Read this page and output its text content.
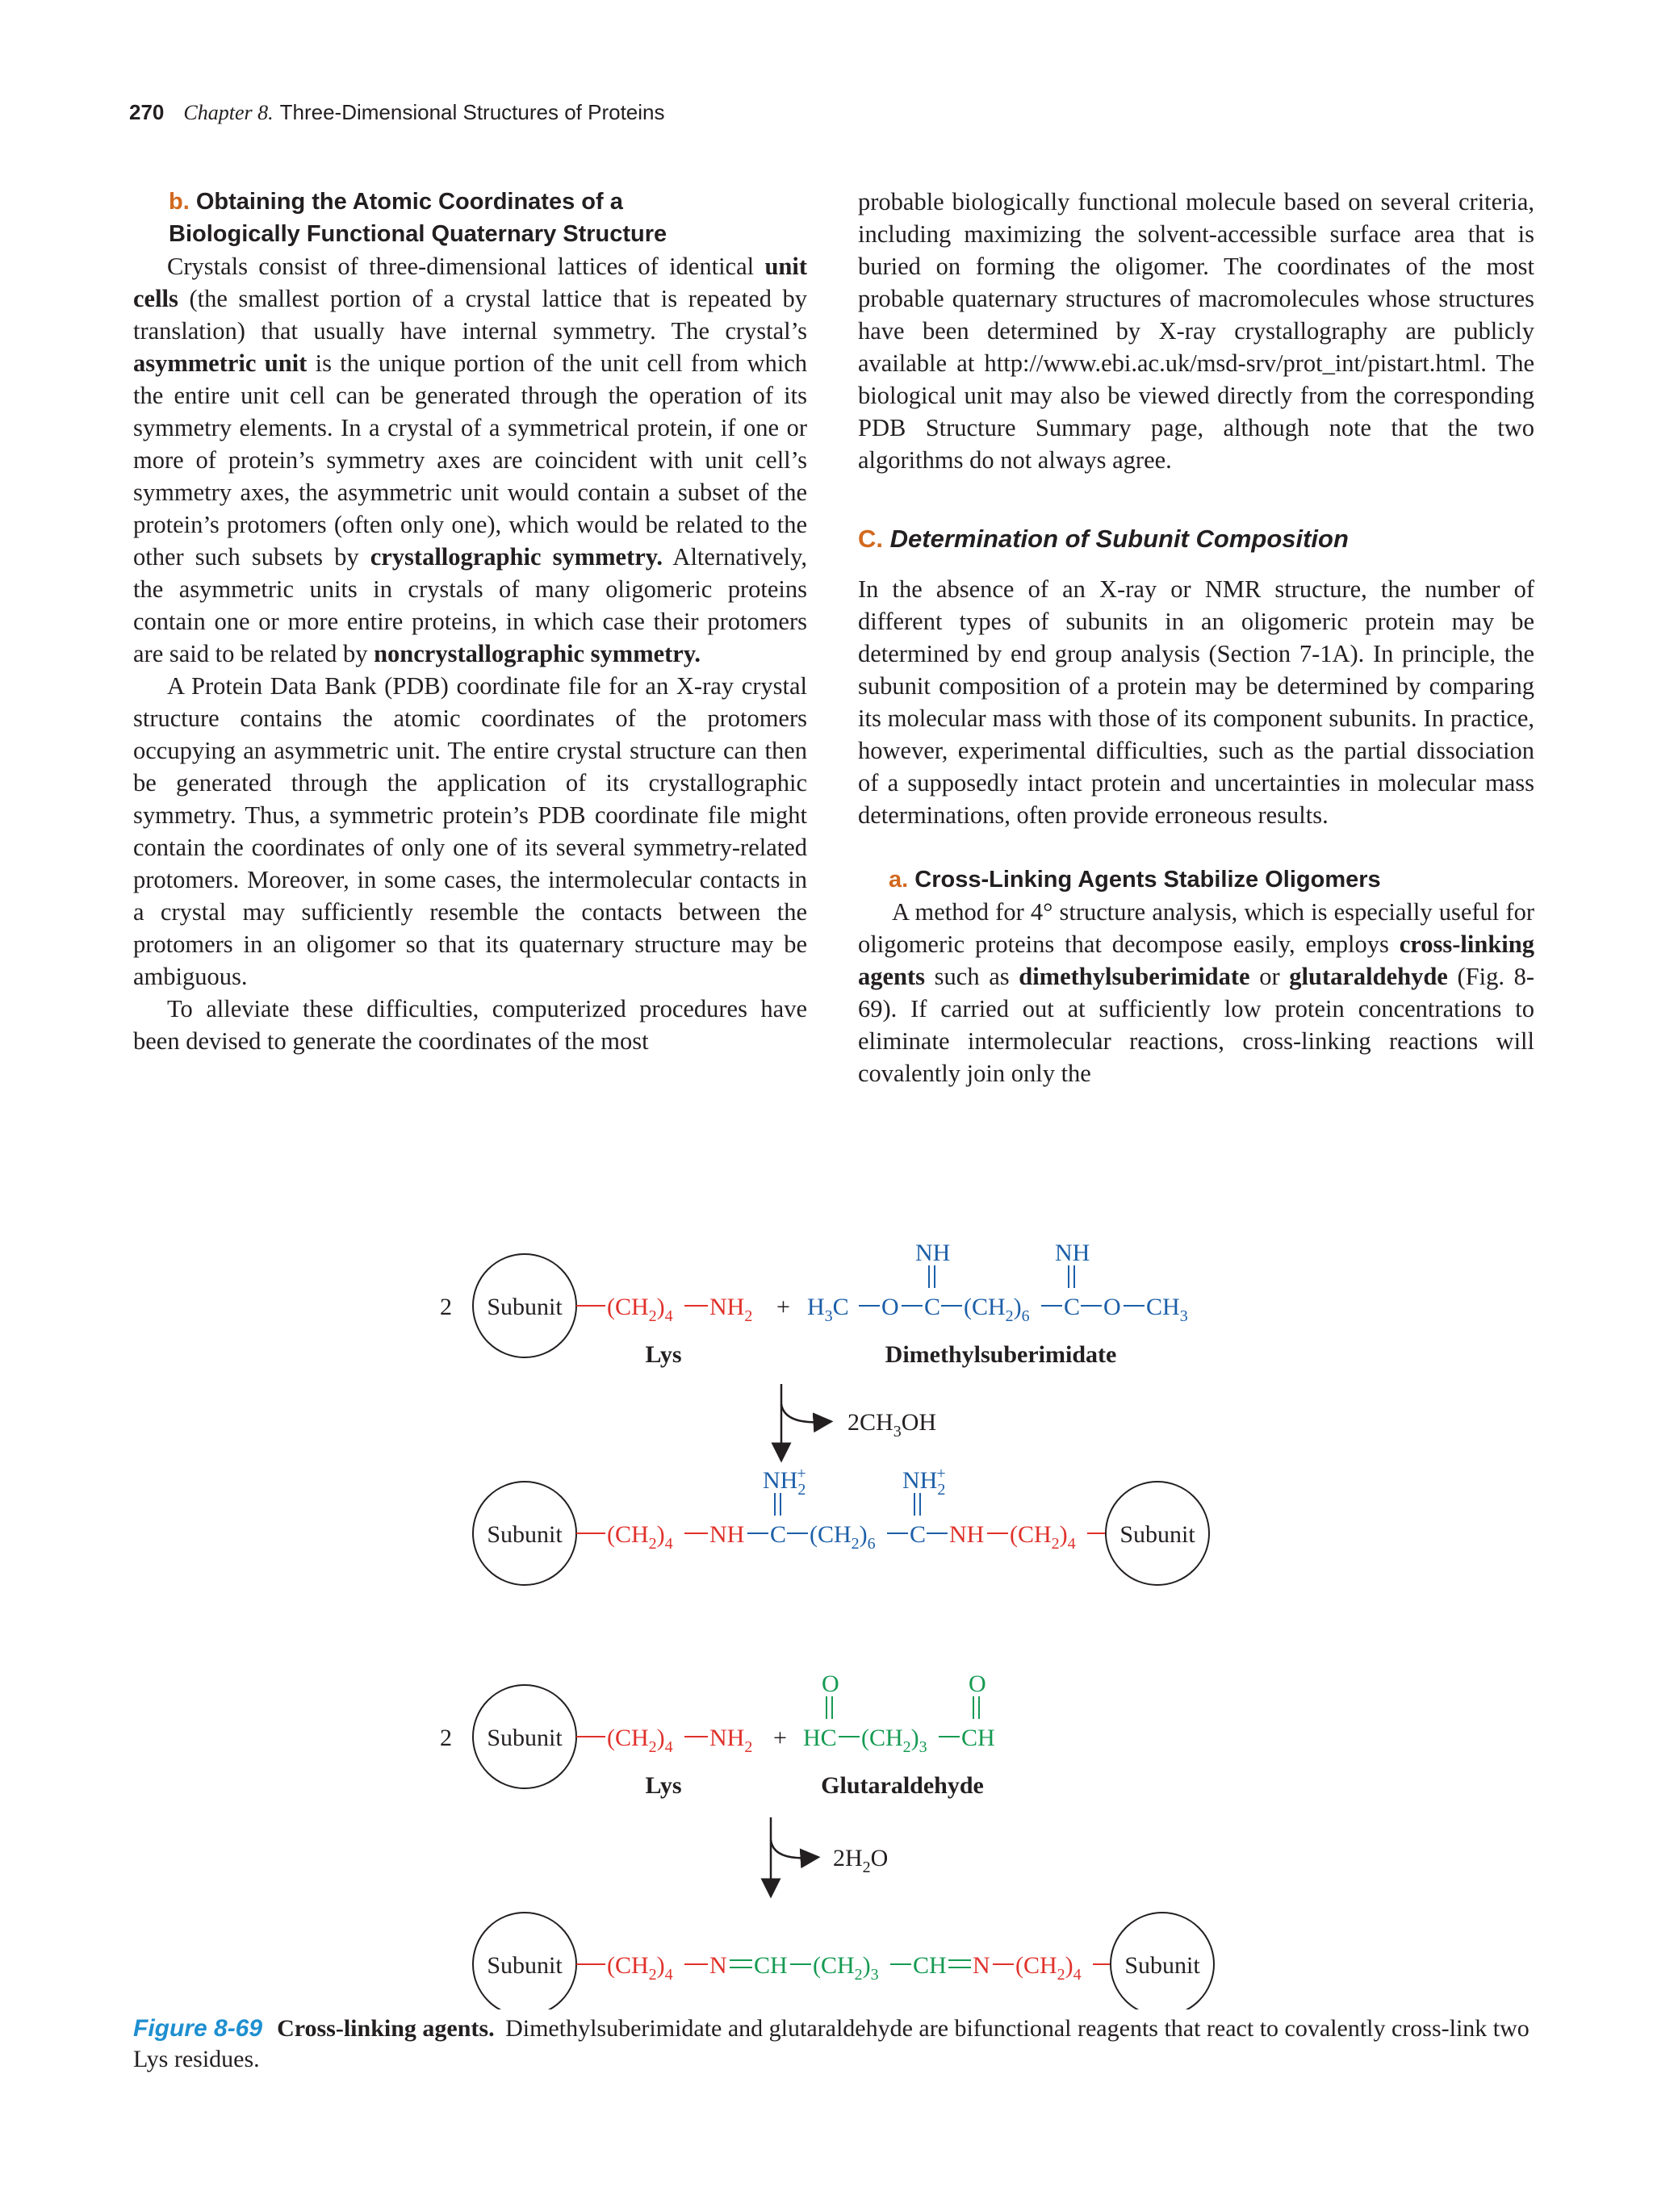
270 Chapter 8. Three-Dimensional Structures of Proteins
b. Obtaining the Atomic Coordinates of a
Biologically Functional Quaternary Structure

Crystals consist of three-dimensional lattices of identical unit cells (the smallest portion of a crystal lattice that is repeated by translation) that usually have internal symmetry. The crystal’s asymmetric unit is the unique portion of the unit cell from which the entire unit cell can be generated through the operation of its symmetry elements. In a crystal of a symmetrical protein, if one or more of protein’s symmetry axes are coincident with unit cell’s symmetry axes, the asymmetric unit would contain a subset of the protein’s protomers (often only one), which would be related to the other such subsets by crystallographic symmetry. Alternatively, the asymmetric units in crystals of many oligomeric proteins contain one or more entire proteins, in which case their protomers are said to be related by noncrystallographic symmetry.

A Protein Data Bank (PDB) coordinate file for an X-ray crystal structure contains the atomic coordinates of the protomers occupying an asymmetric unit. The entire crystal structure can then be generated through the application of its crystallographic symmetry. Thus, a symmetric protein’s PDB coordinate file might contain the coordinates of only one of its several symmetry-related protomers. Moreover, in some cases, the intermolecular contacts in a crystal may sufficiently resemble the contacts between the protomers in an oligomer so that its quaternary structure may be ambiguous.

To alleviate these difficulties, computerized procedures have been devised to generate the coordinates of the most

probable biologically functional molecule based on several criteria, including maximizing the solvent-accessible surface area that is buried on forming the oligomer. The coordinates of the most probable quaternary structures of macromolecules whose structures have been determined by X-ray crystallography are publicly available at http://www.ebi.ac.uk/msd-srv/prot_int/pistart.html. The biological unit may also be viewed directly from the corresponding PDB Structure Summary page, although note that the two algorithms do not always agree.

C. Determination of Subunit Composition

In the absence of an X-ray or NMR structure, the number of different types of subunits in an oligomeric protein may be determined by end group analysis (Section 7-1A). In principle, the subunit composition of a protein may be determined by comparing its molecular mass with those of its component subunits. In practice, however, experimental difficulties, such as the partial dissociation of a supposedly intact protein and uncertainties in molecular mass determinations, often provide erroneous results.

a. Cross-Linking Agents Stabilize Oligomers

A method for 4° structure analysis, which is especially useful for oligomeric proteins that decompose easily, employs cross-linking agents such as dimethylsuberimidate or glutaraldehyde (Fig. 8-69). If carried out at sufficiently low protein concentrations to eliminate intermolecular reactions, cross-linking reactions will covalently join only the

2 Subunit $(CH_2)_4$ $NH_2 + H_3C$ O C
NH
$(CH_2)_6$ C
NH
O $CH_3$
Lys	Dimethylsuberimidate
$2CH_3OH$
Subunit $(CH_2)_4$ NH C
$NH_2+$
$(CH_2)_6$ C
$NH_2+$
NH $(CH_2)_4$ Subunit
2 Subunit $(CH_2)_4$ $NH_2$ + HC
O
$(CH_2)_3$ CH
O
Lys	Glutaraldehyde
$2H_2O$
Subunit $(CH_2)_4$ N CH $(CH_2)_3$ CH N $(CH_2)_4$ Subunit
Figure 8-69 Cross-linking agents. Dimethylsuberimidate and glutaraldehyde are bifunctional reagents that react to covalently cross-link two Lys residues.
